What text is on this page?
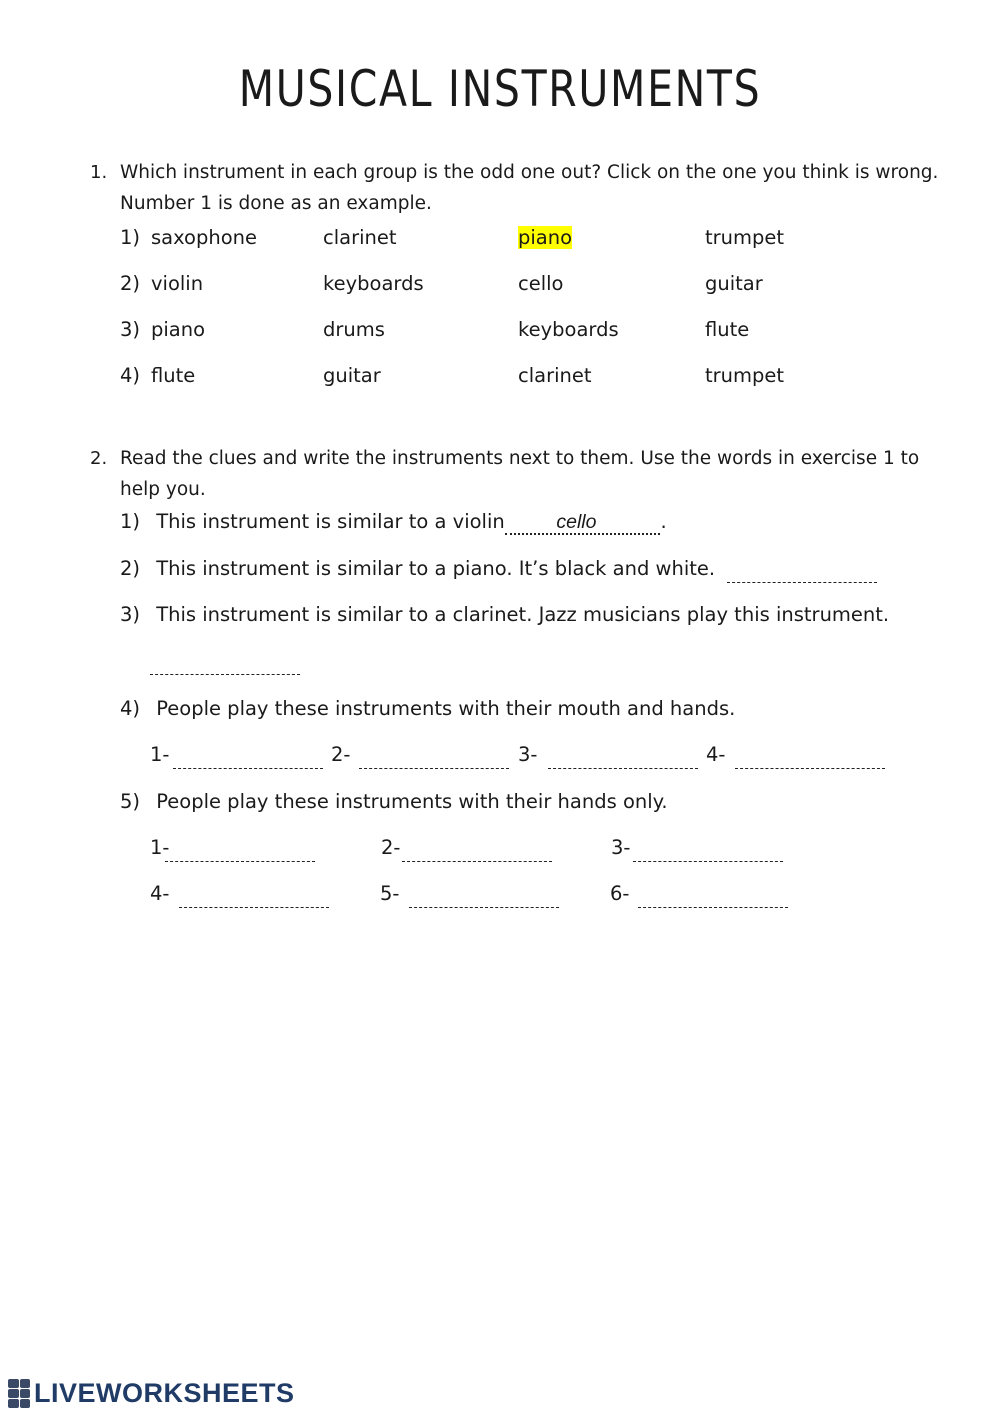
MUSICAL INSTRUMENTS
1. Which instrument in each group is the odd one out? Click on the one you think is wrong. Number 1 is done as an example.
1) saxophone	clarinet	piano	trumpet
2) violin	keyboards	cello	guitar
3) piano	drums	keyboards	flute
4) flute	guitar	clarinet	trumpet
2. Read the clues and write the instruments next to them. Use the words in exercise 1 to help you.
1) This instrument is similar to a violin	cello	.
2) This instrument is similar to a piano. It’s black and white.
3) This instrument is similar to a clarinet. Jazz musicians play this instrument.
4) People play these instruments with their mouth and hands.
1-	2-	3-	4-
5) People play these instruments with their hands only.
1-	2-	3-
4-	5-	6-
LIVEWORKSHEETS
